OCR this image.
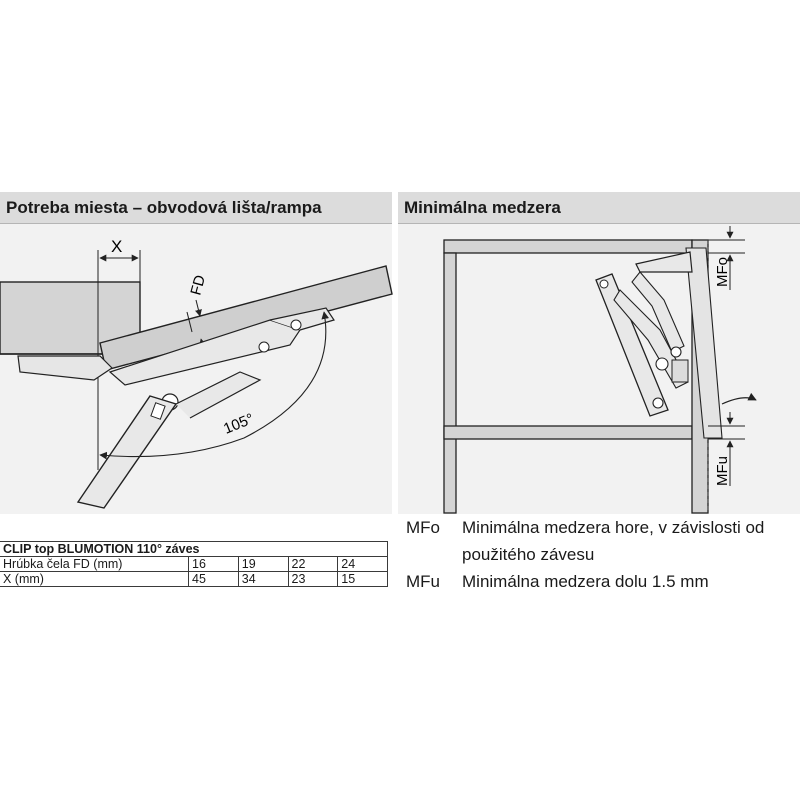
Potreba miesta – obvodová lišta/rampa	Minimálna medzera
X
FD
105°
MFo
MFu
MFo	Minimálna medzera hore, v závislosti od
použitého závesu
MFu	Minimálna medzera dolu 1.5 mm
CLIP top BLUMOTION 110° záves				
Hrúbka čela FD (mm)	16	19	22	24
X (mm)	45	34	23	15
